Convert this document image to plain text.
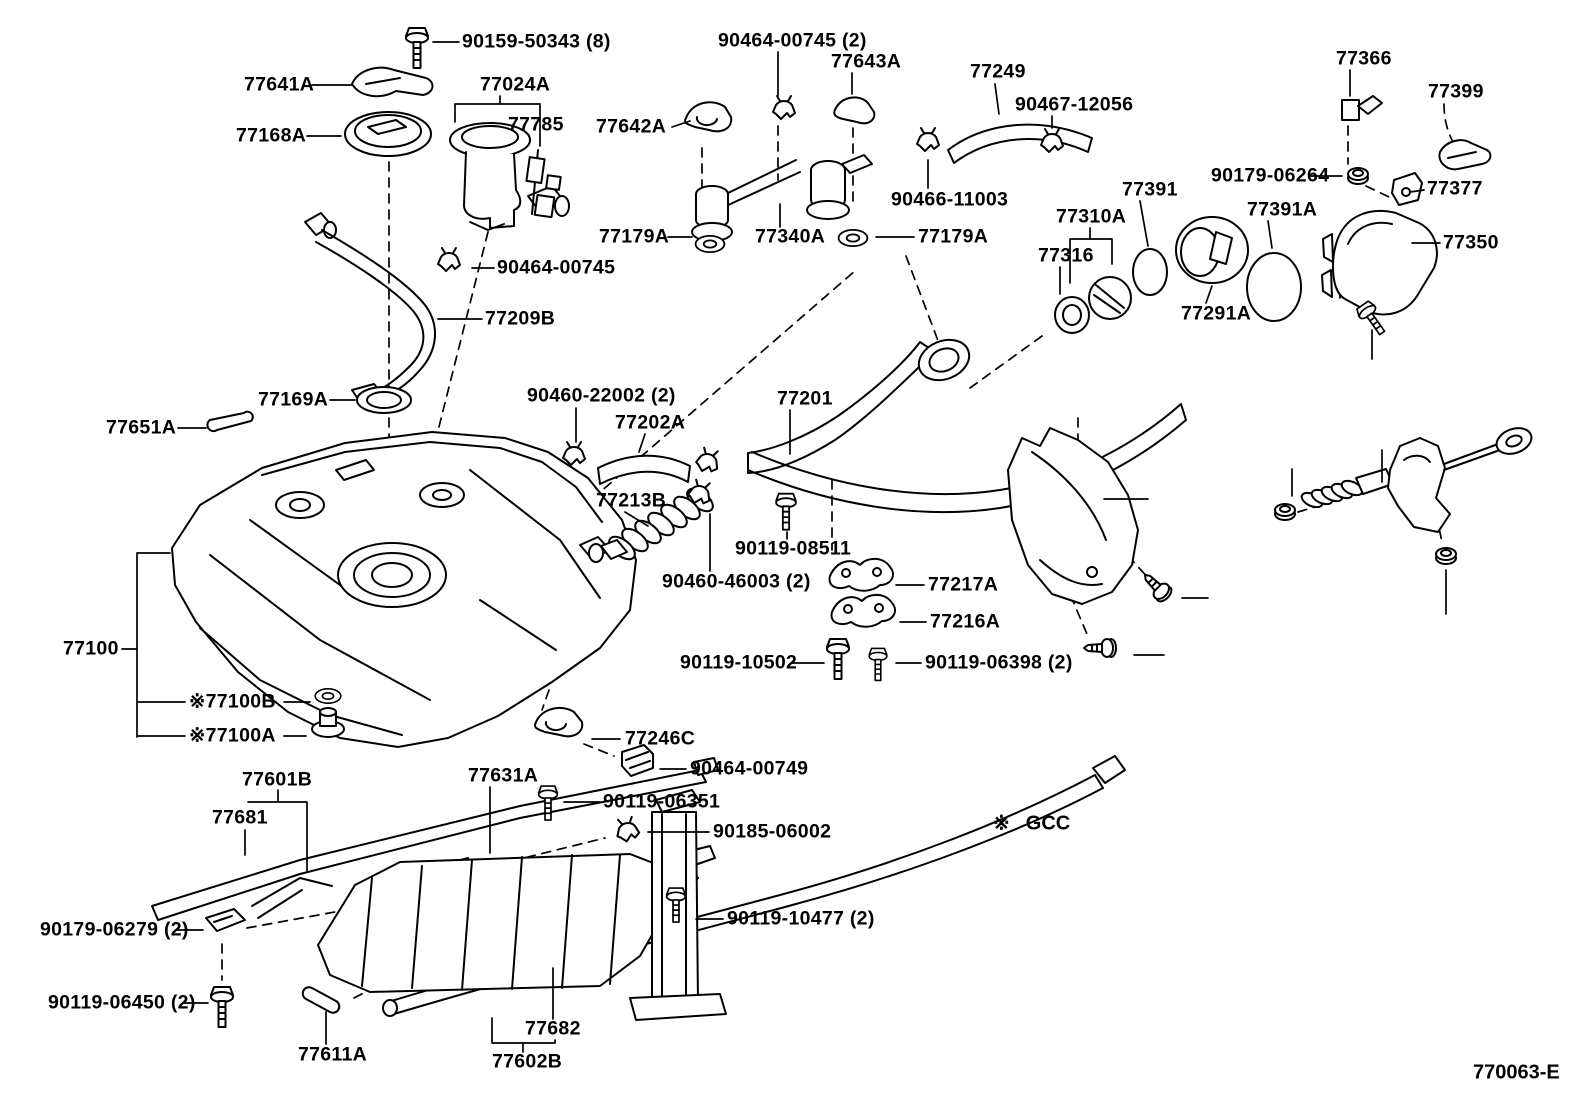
90159-50343 (8)
77641A	77024A
77168A	77785 77642A
90464-00745 (2)
77643A	77249
90467-12056
77366
77399
90179-06264
77377
77391
77310A	77391A
77350
77316
77291A
90466-11003
77179A	77340A	77179A
90464-00745
77209B
77169A
77651A
90460-22002 (2)
77202A
77201
77213B
90119-08511
90460-46003 (2)	77217A
77216A
90119-10502	90119-06398 (2)
77100
※77100B
※77100A	77246C
90464-00749
90119-06351
77601B	77631A
77681
90185-06002
90179-06279 (2)	90119-10477 (2)
90119-06450 (2)
77611A
77682
77602B
※ GCC
770063-E
